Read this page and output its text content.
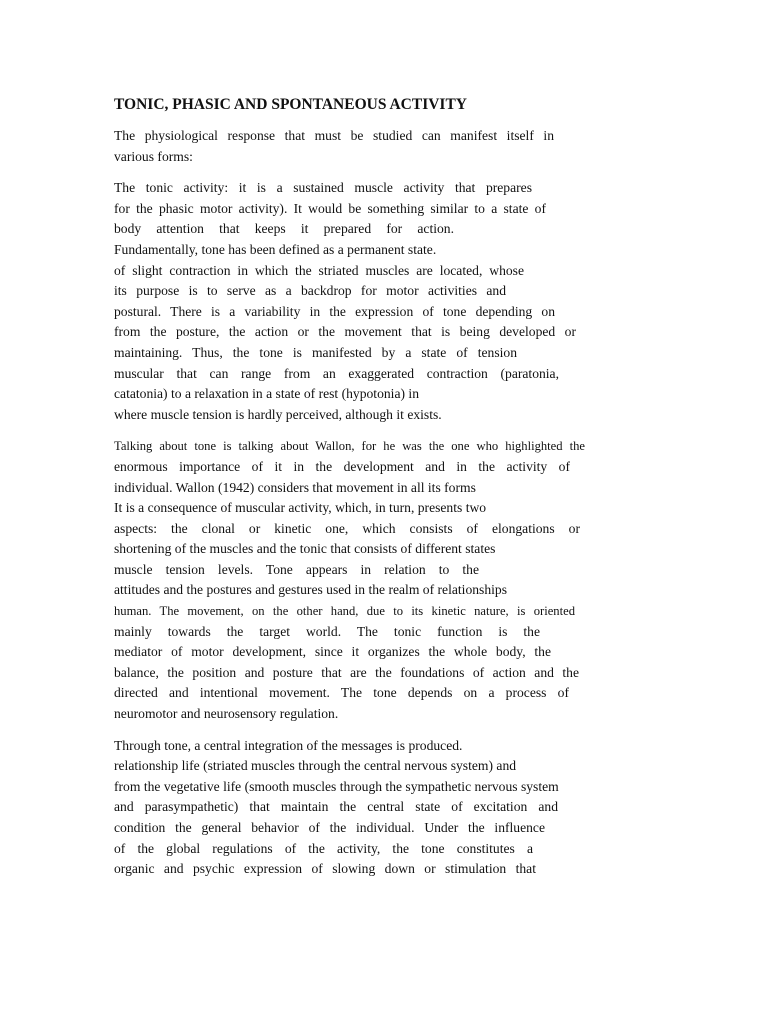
TONIC, PHASIC AND SPONTANEOUS ACTIVITY
The physiological response that must be studied can manifest itself in
various forms:
The tonic activity: it is a sustained muscle activity that prepares
for the phasic motor activity). It would be something similar to a state of
body attention that keeps it prepared for action.
Fundamentally, tone has been defined as a permanent state.
of slight contraction in which the striated muscles are located, whose
its purpose is to serve as a backdrop for motor activities and
postural. There is a variability in the expression of tone depending on
from the posture, the action or the movement that is being developed or
maintaining. Thus, the tone is manifested by a state of tension
muscular that can range from an exaggerated contraction (paratonia,
catatonia) to a relaxation in a state of rest (hypotonia) in
where muscle tension is hardly perceived, although it exists.
Talking about tone is talking about Wallon, for he was the one who highlighted the
enormous importance of it in the development and in the activity of
individual. Wallon (1942) considers that movement in all its forms
It is a consequence of muscular activity, which, in turn, presents two
aspects: the clonal or kinetic one, which consists of elongations or
shortening of the muscles and the tonic that consists of different states
muscle tension levels. Tone appears in relation to the
attitudes and the postures and gestures used in the realm of relationships
human. The movement, on the other hand, due to its kinetic nature, is oriented
mainly towards the target world. The tonic function is the
mediator of motor development, since it organizes the whole body, the
balance, the position and posture that are the foundations of action and the
directed and intentional movement. The tone depends on a process of
neuromotor and neurosensory regulation.
Through tone, a central integration of the messages is produced.
relationship life (striated muscles through the central nervous system) and
from the vegetative life (smooth muscles through the sympathetic nervous system
and parasympathetic) that maintain the central state of excitation and
condition the general behavior of the individual. Under the influence
of the global regulations of the activity, the tone constitutes a
organic and psychic expression of slowing down or stimulation that
